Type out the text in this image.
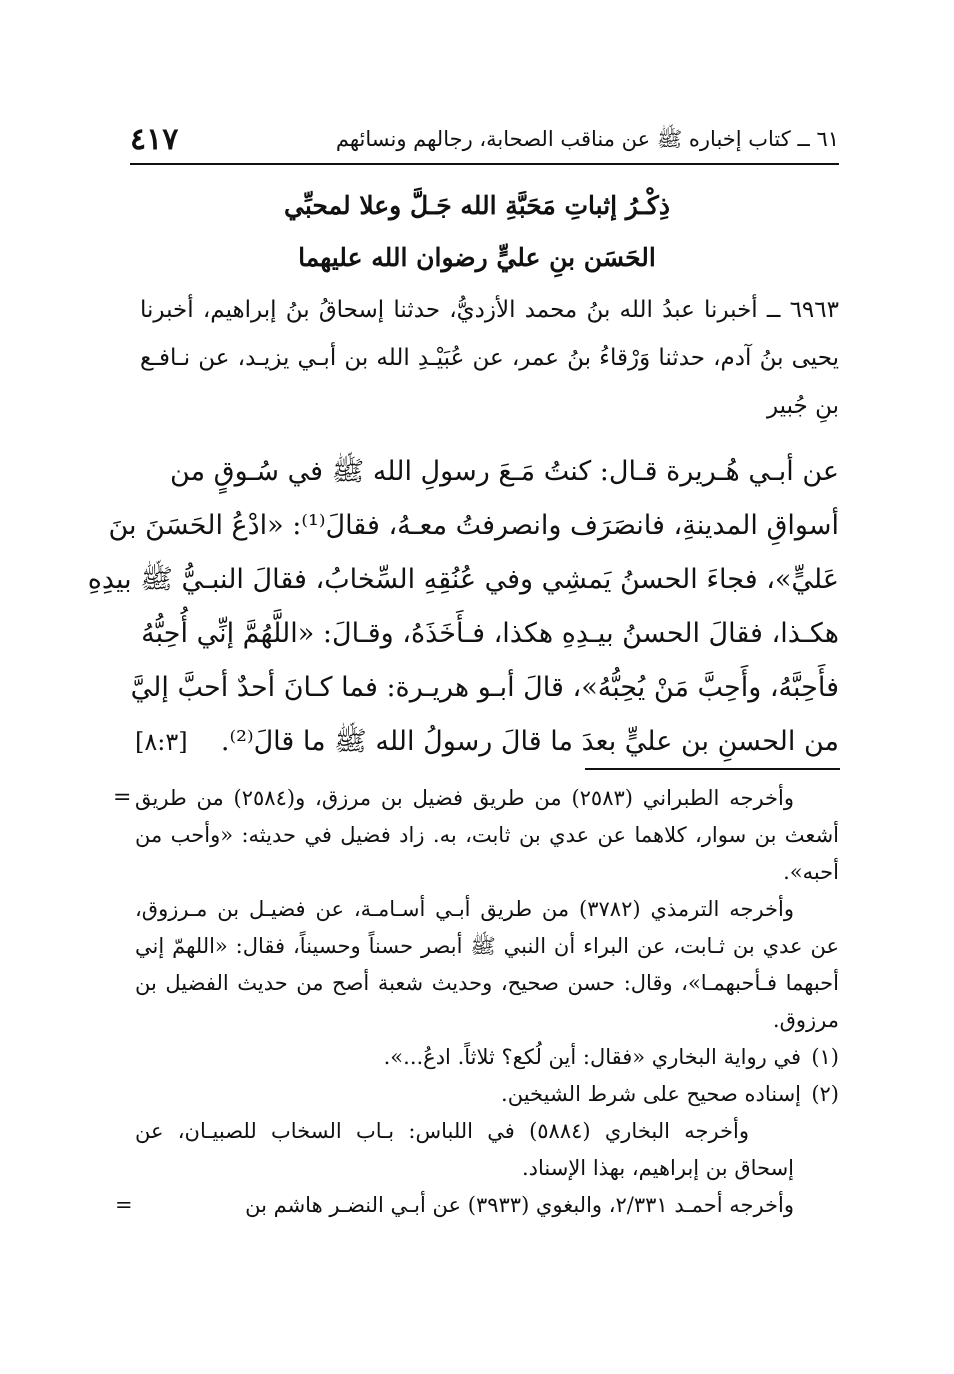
٦١ ــ كتاب إخباره ﷺ عن مناقب الصحابة، رجالهم ونسائهم
٤١٧
ذِكْـرُ إثباتِ مَحَبَّةِ الله جَـلَّ وعلا لمحبِّي
الحَسَن بنِ عليٍّ رضوان الله عليهما
٦٩٦٣ ــ أخبرنا عبدُ الله بنُ محمد الأزديُّ، حدثنا إسحاقُ بنُ إبراهيم، أخبرنا يحيى بنُ آدم، حدثنا وَرْقاءُ بنُ عمر، عن عُبَيْـدِ الله بن أبـي يزيـد، عن نـافـع بنِ جُبير
عن أبـي هُـريرة قـال: كنتُ مَـعَ رسولِ الله ﷺ في سُـوقٍ من
أسواقِ المدينةِ، فانصَرَف وانصرفتُ معـهُ، فقالَ⁽¹⁾: «ادْعُ الحَسَنَ بنَ
عَليٍّ»، فجاءَ الحسنُ يَمشِي وفي عُنُقِهِ السِّخابُ، فقالَ النبـيُّ ﷺ بيدِهِ
هكـذا، فقالَ الحسنُ بيـدِهِ هكذا، فـأَخَذَهُ، وقـالَ: «اللَّهُمَّ إنِّي أُحِبُّهُ
فأَحِبَّهُ، وأَحِبَّ مَنْ يُحِبُّهُ»، قالَ أبـو هريـرة: فما كـانَ أحدٌ أحبَّ إليَّ
من الحسنِ بن عليٍّ بعدَ ما قالَ رسولُ الله ﷺ ما قالَ⁽²⁾.
[٨:٣]
= وأخرجه الطبراني (٢٥٨٣) من طريق فضيل بن مرزق، و(٢٥٨٤) من طريق أشعث بن سوار، كلاهما عن عدي بن ثابت، به. زاد فضيل في حديثه: «وأحب من أحبه».
وأخرجه الترمذي (٣٧٨٢) من طريق أبـي أسـامـة، عن فضيـل بن مـرزوق، عن عدي بن ثـابت، عن البراء أن النبي ﷺ أبصر حسناً وحسيناً، فقال: «اللهمّ إني أحبهما فـأحبهمـا»، وقال: حسن صحيح، وحديث شعبة أصح من حديث الفضيل بن مرزوق.
(١)في رواية البخاري «فقال: أين لُكع؟ ثلاثاً. ادعُ...».
(٢)إسناده صحيح على شرط الشيخين.
وأخرجه البخاري (٥٨٨٤) في اللباس: بـاب السخاب للصبيـان، عن إسحاق بن إبراهيم، بهذا الإسناد.
وأخرجه أحمـد ٢/٣٣١، والبغوي (٣٩٣٣) عن أبـي النضـر هاشم بن
=
